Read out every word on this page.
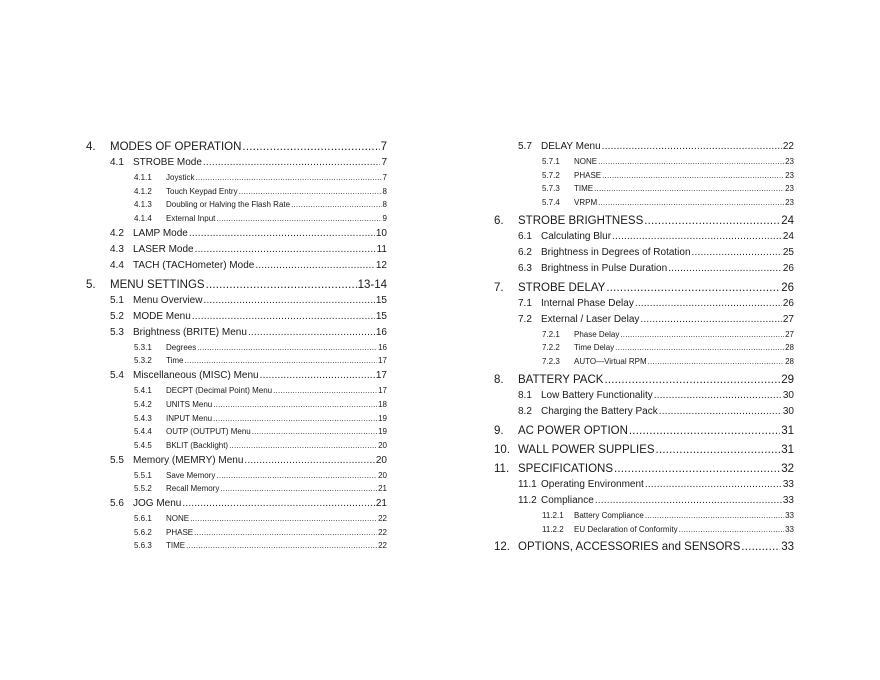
4.	MODES OF OPERATION .....	7
4.1 STROBE Mode .....	7
4.1.1	Joystick .....	7
4.1.2	Touch Keypad Entry .....	8
4.1.3	Doubling or Halving the Flash Rate .....	8
4.1.4	External Input .....	9
4.2 LAMP Mode .....	10
4.3 LASER Mode .....	11
4.4 TACH (TACHometer) Mode .....	12
5.	MENU SETTINGS .....	13-14
5.1 Menu Overview .....	15
5.2 MODE Menu .....	15
5.3 Brightness (BRITE) Menu .....	16
5.3.1	Degrees .....	16
5.3.2	Time .....	17
5.4 Miscellaneous (MISC) Menu .....	17
5.4.1	DECPT (Decimal Point) Menu .....	17
5.4.2	UNITS Menu .....	18
5.4.3	INPUT Menu .....	19
5.4.4	OUTP (OUTPUT) Menu .....	19
5.4.5	BKLIT (Backlight) .....	20
5.5 Memory (MEMRY) Menu .....	20
5.5.1	Save Memory .....	20
5.5.2	Recall Memory .....	21
5.6 JOG Menu .....	21
5.6.1	NONE .....	22
5.6.2	PHASE .....	22
5.6.3	TIME .....	22
5.7 DELAY Menu .....	22
5.7.1	NONE .....	23
5.7.2	PHASE .....	23
5.7.3	TIME .....	23
5.7.4	VRPM .....	23
6.	STROBE BRIGHTNESS .....	24
6.1 Calculating Blur .....	24
6.2 Brightness in Degrees of Rotation .....	25
6.3 Brightness in Pulse Duration .....	26
7.	STROBE DELAY .....	26
7.1 Internal Phase Delay .....	26
7.2 External / Laser Delay .....	27
7.2.1	Phase Delay .....	27
7.2.2	Time Delay .....	28
7.2.3	AUTO—Virtual RPM .....	28
8.	BATTERY PACK .....	29
8.1 Low Battery Functionality .....	30
8.2 Charging the Battery Pack .....	30
9.	AC POWER OPTION .....	31
10. WALL POWER SUPPLIES .....	31
11. SPECIFICATIONS .....	32
11.1 Operating Environment .....	33
11.2 Compliance .....	33
11.2.1	Battery Compliance .....	33
11.2.2	EU Declaration of Conformity .....	33
12. OPTIONS, ACCESSORIES and SENSORS .....	33
